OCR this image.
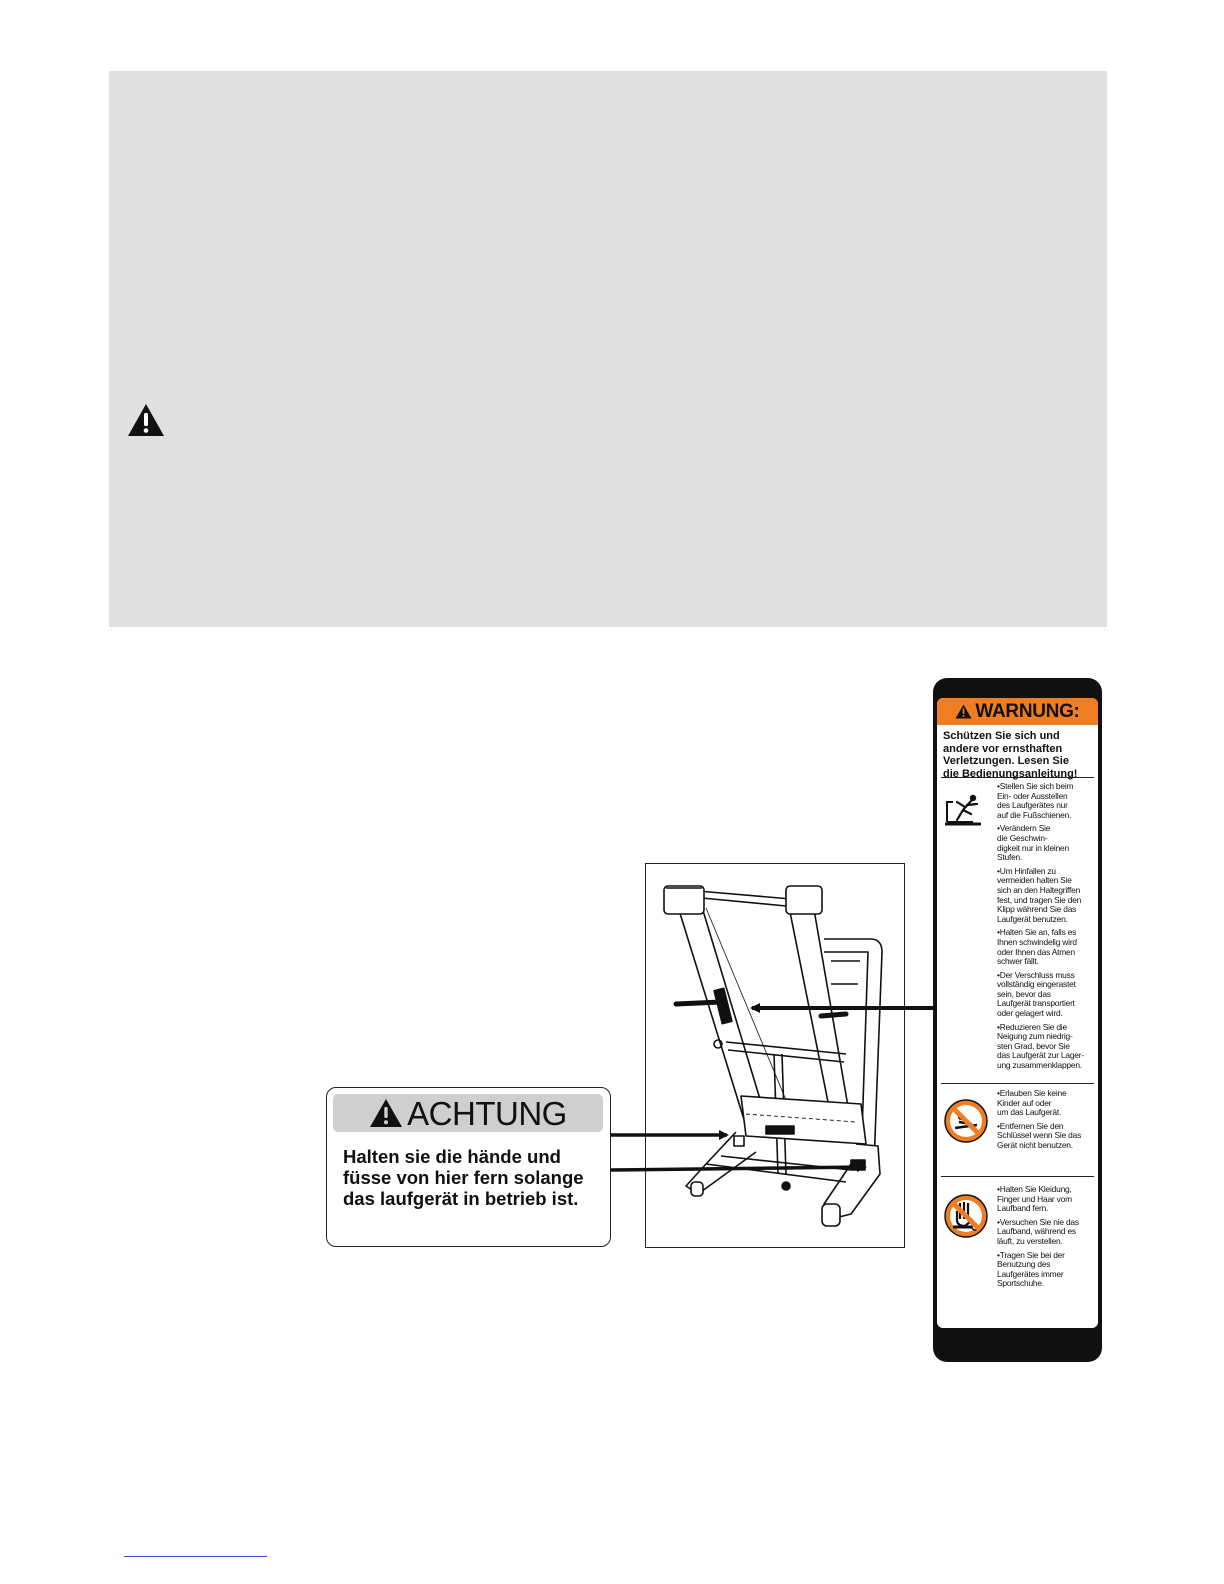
ACHTUNG

Halten sie die hände und
füsse von hier fern solange
das laufgerät in betrieb ist.

WARNUNG:
Schützen Sie sich und
andere vor ernsthaften
Verletzungen. Lesen Sie
die Bedienungsanleitung!
•Stellen Sie sich beim
Ein- oder Ausstellen
des Laufgerätes nur
auf die Fußschienen.
•Verändern Sie
die Geschwin-
digkeit nur in kleinen
Stufen.
•Um Hinfallen zu
vermeiden halten Sie
sich an den Haltegriffen
fest, und tragen Sie den
Klipp während Sie das
Laufgerät benutzen.
•Halten Sie an, falls es
Ihnen schwindelig wird
oder Ihnen das Atmen
schwer fällt.
•Der Verschluss muss
vollständig eingerastet
sein, bevor das
Laufgerät transportiert
oder gelagert wird.
•Reduzieren Sie die
Neigung zum niedrig-
sten Grad, bevor Sie
das Laufgerät zur Lager-
ung zusammenklappen.
•Erlauben Sie keine
Kinder auf oder
um das Laufgerät.
•Entfernen Sie den
Schlüssel wenn Sie das
Gerät nicht benutzen.
•Halten Sie Kleidung,
Finger und Haar vom
Laufband fern.
•Versuchen Sie nie das
Laufband, während es
läuft, zu verstellen.
•Tragen Sie bei der
Benutzung des
Laufgerätes immer
Sportschuhe.
